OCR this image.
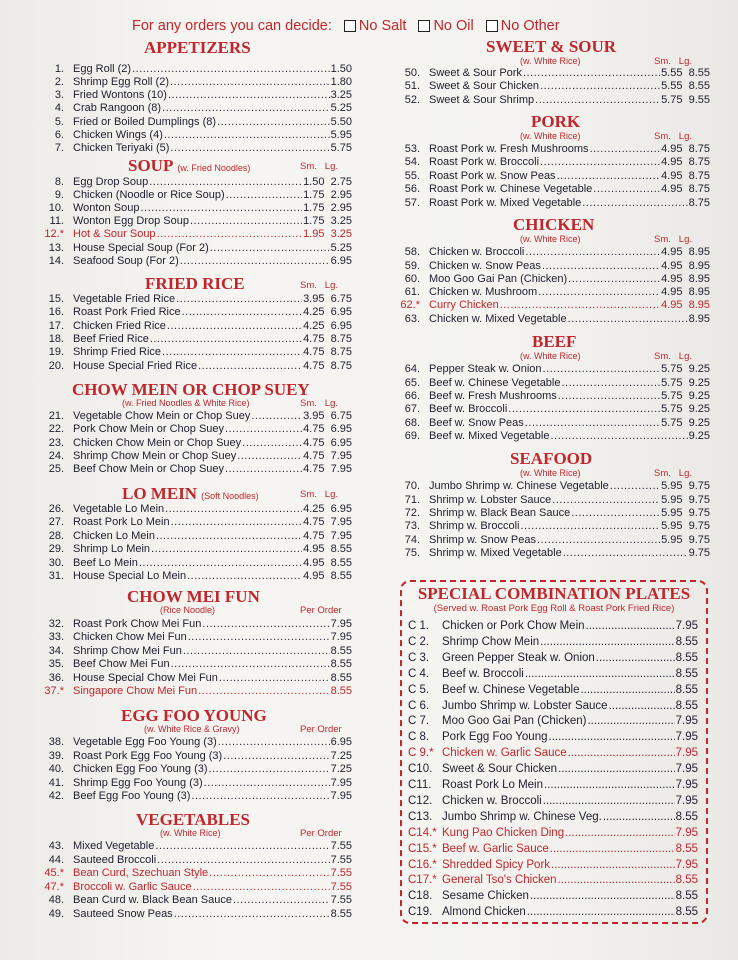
For any orders you can decide: No Salt No Oil No Other
APPETIZERS
1. Egg Roll (2) .....	1.50
2. Shrimp Egg Roll (2) .....	1.80
3. Fried Wontons (10) .....	3.25
4. Crab Rangoon (8) .....	5.25
5. Fried or Boiled Dumplings (8) .....	5.50
6. Chicken Wings (4) .....	5.95
7. Chicken Teriyaki (5) .....	5.75
SOUP (w. Fried Noodles)	Sm.   Lg.
8. Egg Drop Soup .....	1.50  2.75
9. Chicken (Noodle or Rice Soup) .....	1.75  2.95
10. Wonton Soup .....	1.75  2.95
11. Wonton Egg Drop Soup .....	1.75  3.25
12.* Hot & Sour Soup .....	1.95  3.25
13. House Special Soup (For 2) .....	5.25
14. Seafood Soup (For 2) .....	6.95
FRIED RICE	Sm.   Lg.
15. Vegetable Fried Rice .....	3.95  6.75
16. Roast Pork Fried Rice .....	4.25  6.95
17. Chicken Fried Rice .....	4.25  6.95
18. Beef Fried Rice .....	4.75  8.75
19. Shrimp Fried Rice .....	4.75  8.75
20. House Special Fried Rice .....	4.75  8.75
CHOW MEIN OR CHOP SUEY
(w. Fried Noodles & White Rice)	Sm.   Lg.
21. Vegetable Chow Mein or Chop Suey .....	3.95  6.75
22. Pork Chow Mein or Chop Suey .....	4.75  6.95
23. Chicken Chow Mein or Chop Suey .....	4.75  6.95
24. Shrimp Chow Mein or Chop Suey .....	4.75  7.95
25. Beef Chow Mein or Chop Suey .....	4.75  7.95
LO MEIN (Soft Noodles)	Sm.   Lg.
26. Vegetable Lo Mein .....	4.25  6.95
27. Roast Pork Lo Mein .....	4.75  7.95
28. Chicken Lo Mein .....	4.75  7.95
29. Shrimp Lo Mein .....	4.95  8.55
30. Beef Lo Mein .....	4.95  8.55
31. House Special Lo Mein .....	4.95  8.55
CHOW MEI FUN
(Rice Noodle)	Per Order
32. Roast Pork Chow Mei Fun .....	7.95
33. Chicken Chow Mei Fun .....	7.95
34. Shrimp Chow Mei Fun .....	8.55
35. Beef Chow Mei Fun .....	8.55
36. House Special Chow Mei Fun .....	8.55
37.* Singapore Chow Mei Fun .....	8.55
EGG FOO YOUNG
(w. White Rice & Gravy)	Per Order
38. Vegetable Egg Foo Young (3) .....	6.95
39. Roast Pork Egg Foo Young (3) .....	7.25
40. Chicken Egg Foo Young (3) .....	7.25
41. Shrimp Egg Foo Young (3) .....	7.95
42. Beef Egg Foo Young (3) .....	7.95
VEGETABLES
(w. White Rice)	Per Order
43. Mixed Vegetable .....	7.55
44. Sauteed Broccoli .....	7.55
45.* Bean Curd, Szechuan Style .....	7.55
47.* Broccoli w. Garlic Sauce .....	7.55
48. Bean Curd w. Black Bean Sauce .....	7.55
49. Sauteed Snow Peas .....	8.55
SWEET & SOUR
(w. White Rice)	Sm.   Lg.
50. Sweet & Sour Pork .....	5.55  8.55
51. Sweet & Sour Chicken .....	5.55  8.55
52. Sweet & Sour Shrimp .....	5.75  9.55
PORK
(w. White Rice)	Sm.   Lg.
53. Roast Pork w. Fresh Mushrooms .....	4.95  8.75
54. Roast Pork w. Broccoli .....	4.95  8.75
55. Roast Pork w. Snow Peas .....	4.95  8.75
56. Roast Pork w. Chinese Vegetable .....	4.95  8.75
57. Roast Pork w. Mixed Vegetable .....	8.75
CHICKEN
(w. White Rice)	Sm.   Lg.
58. Chicken w. Broccoli .....	4.95  8.95
59. Chicken w. Snow Peas .....	4.95  8.95
60. Moo Goo Gai Pan (Chicken) .....	4.95  8.95
61. Chicken w. Mushroom .....	4.95  8.95
62.* Curry Chicken .....	4.95  8.95
63. Chicken w. Mixed Vegetable .....	8.95
BEEF
(w. White Rice)	Sm.   Lg.
64. Pepper Steak w. Onion .....	5.75  9.25
65. Beef w. Chinese Vegetable .....	5.75  9.25
66. Beef w. Fresh Mushrooms .....	5.75  9.25
67. Beef w. Broccoli .....	5.75  9.25
68. Beef w. Snow Peas .....	5.75  9.25
69. Beef w. Mixed Vegetable .....	9.25
SEAFOOD
(w. White Rice)	Sm.   Lg.
70. Jumbo Shrimp w. Chinese Vegetable .....	5.95  9.75
71. Shrimp w. Lobster Sauce .....	5.95  9.75
72. Shrimp w. Black Bean Sauce .....	5.95  9.75
73. Shrimp w. Broccoli .....	5.95  9.75
74. Shrimp w. Snow Peas .....	5.95  9.75
75. Shrimp w. Mixed Vegetable .....	9.75
SPECIAL COMBINATION PLATES
(Served w. Roast Pork Egg Roll & Roast Pork Fried Rice)
C 1.	Chicken or Pork Chow Mein .....	7.95
C 2.	Shrimp Chow Mein .....	8.55
C 3.	Green Pepper Steak w. Onion .....	8.55
C 4.	Beef w. Broccoli .....	8.55
C 5.	Beef w. Chinese Vegetable .....	8.55
C 6.	Jumbo Shrimp w. Lobster Sauce .....	8.55
C 7.	Moo Goo Gai Pan (Chicken) .....	7.95
C 8.	Pork Egg Foo Young .....	7.95
C 9.* Chicken w. Garlic Sauce .....	7.95
C10. Sweet & Sour Chicken .....	7.95
C11. Roast Pork Lo Mein .....	7.95
C12. Chicken w. Broccoli .....	7.95
C13. Jumbo Shrimp w. Chinese Veg. .....	8.55
C14.* Kung Pao Chicken Ding .....	7.95
C15.* Beef w. Garlic Sauce .....	8.55
C16.* Shredded Spicy Pork .....	7.95
C17.* General Tso's Chicken .....	8.55
C18. Sesame Chicken .....	8.55
C19. Almond Chicken .....	8.55
